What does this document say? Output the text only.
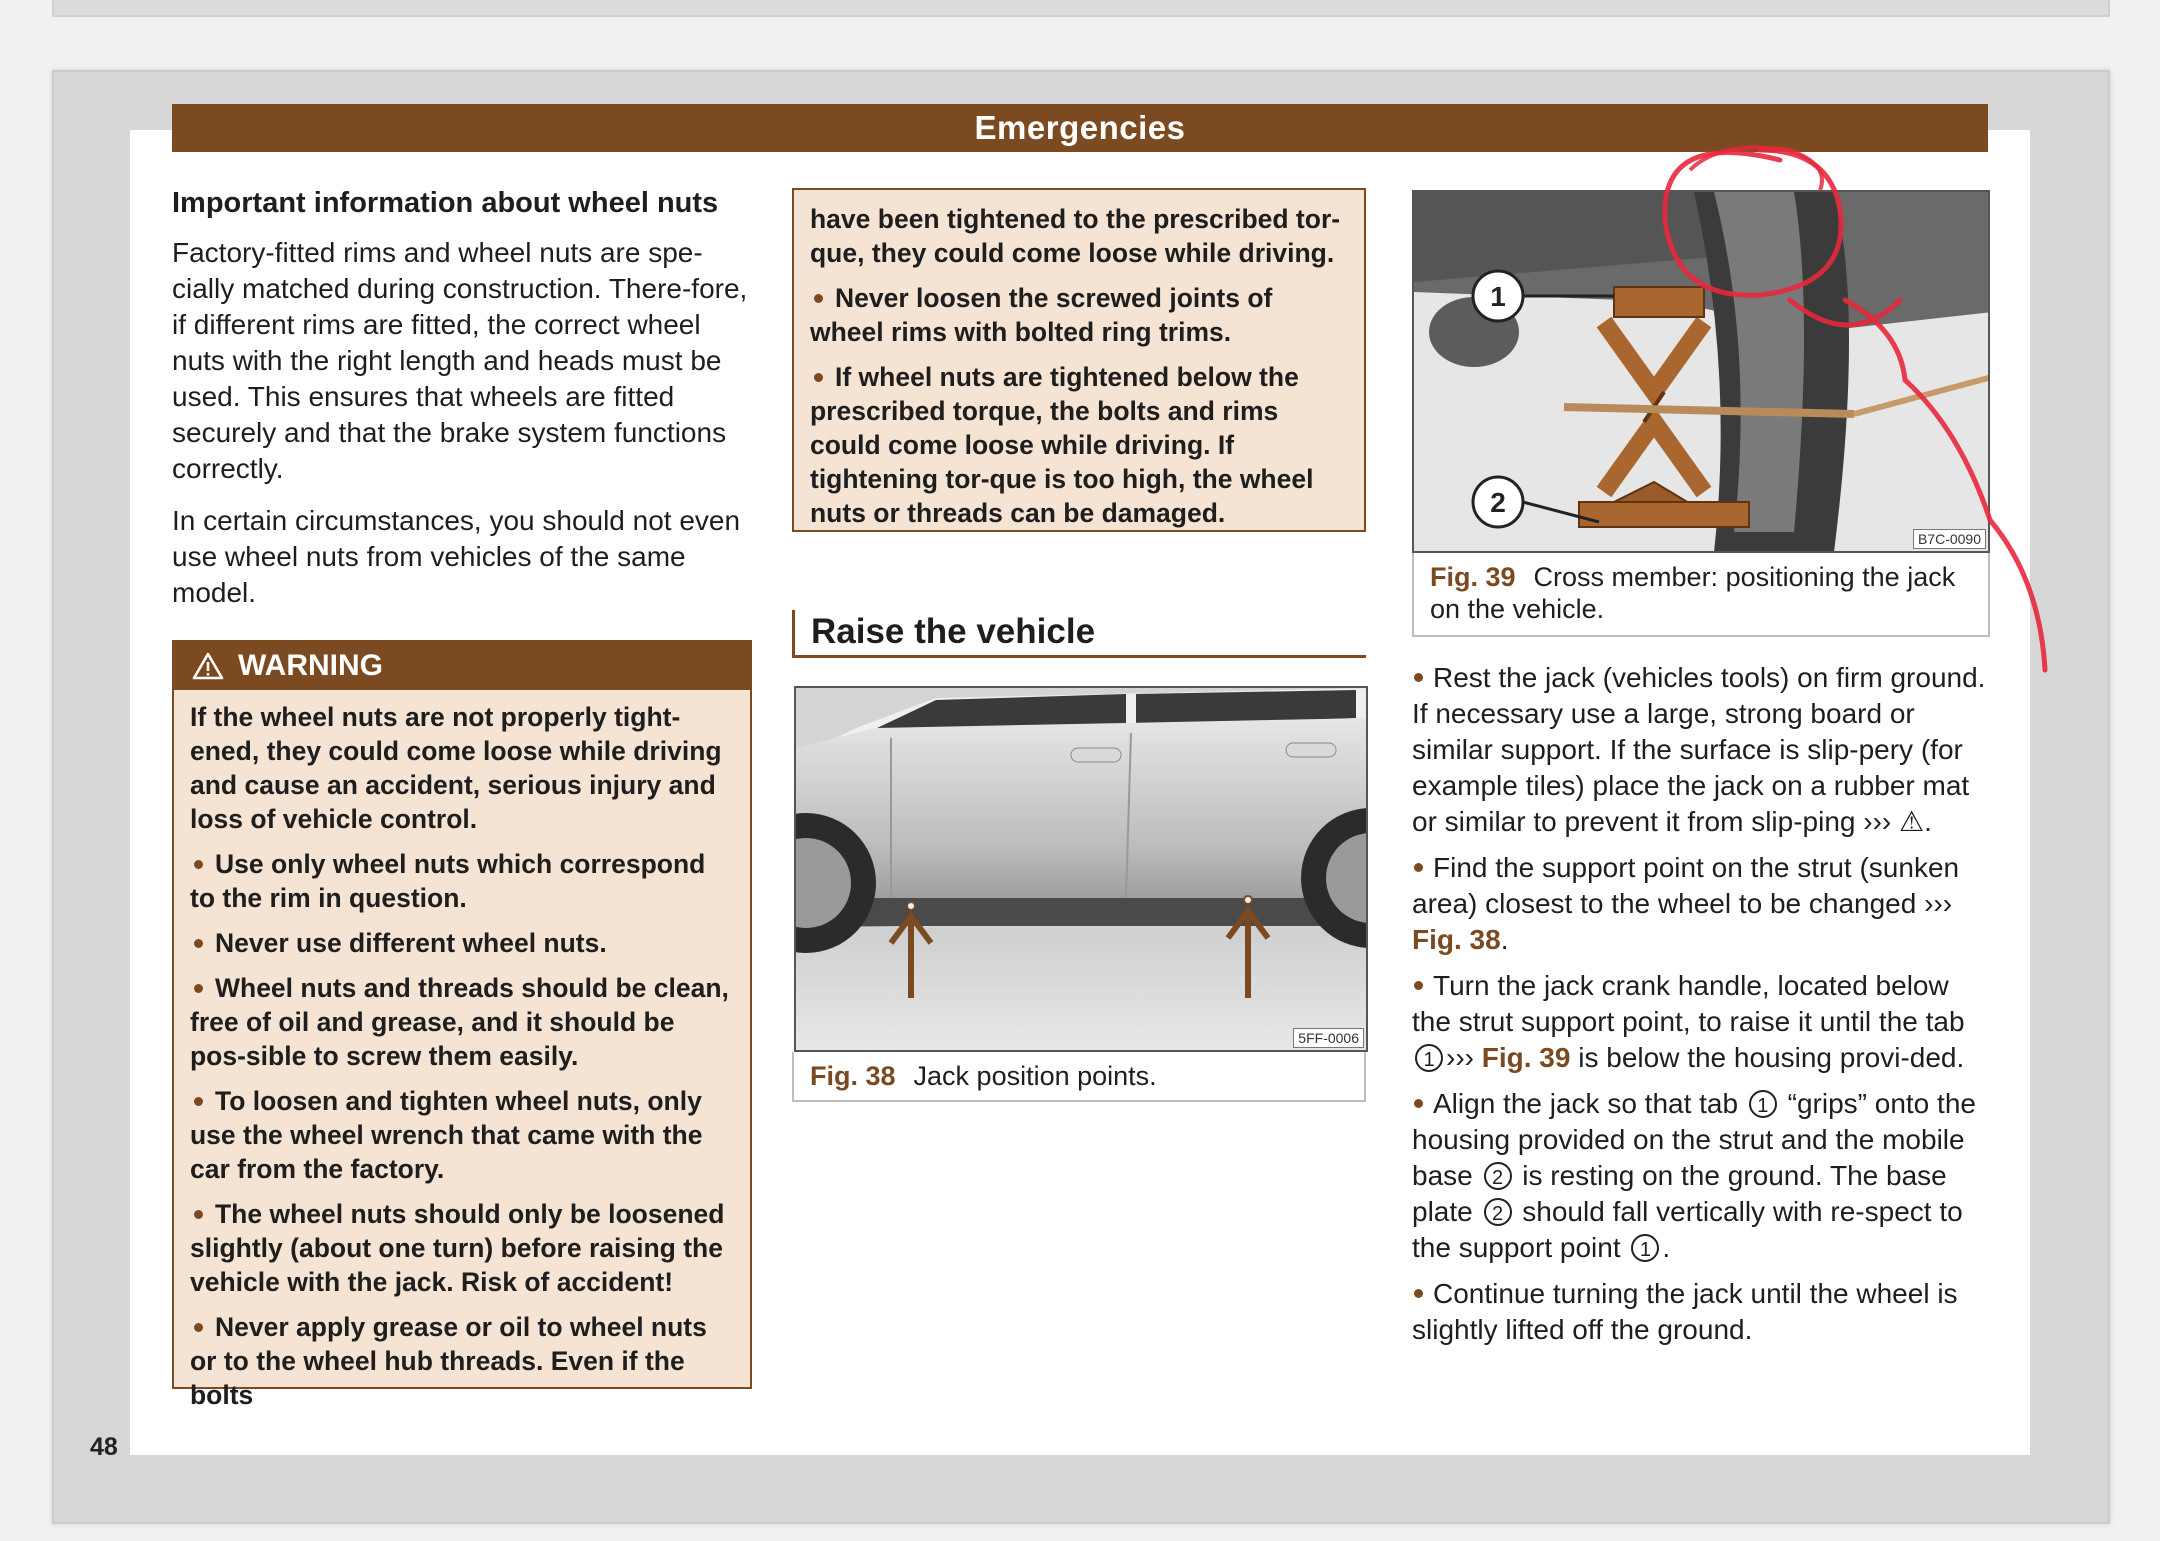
Emergencies
Important information about wheel nuts

Factory-fitted rims and wheel nuts are spe-cially matched during construction. There-fore, if different rims are fitted, the correct wheel nuts with the right length and heads must be used. This ensures that wheels are fitted securely and that the brake system functions correctly.

In certain circumstances, you should not even use wheel nuts from vehicles of the same model.

WARNING

If the wheel nuts are not properly tight-ened, they could come loose while driving and cause an accident, serious injury and loss of vehicle control.

Use only wheel nuts which correspond to the rim in question.

Never use different wheel nuts.

Wheel nuts and threads should be clean, free of oil and grease, and it should be pos-sible to screw them easily.

To loosen and tighten wheel nuts, only use the wheel wrench that came with the car from the factory.

The wheel nuts should only be loosened slightly (about one turn) before raising the vehicle with the jack. Risk of accident!

Never apply grease or oil to wheel nuts or to the wheel hub threads. Even if the bolts

have been tightened to the prescribed tor-que, they could come loose while driving.

Never loosen the screwed joints of wheel rims with bolted ring trims.

If wheel nuts are tightened below the prescribed torque, the bolts and rims could come loose while driving. If tightening tor-que is too high, the wheel nuts or threads can be damaged.

Raise the vehicle
5FF-0006
Fig. 38 Jack position points.
1
2
B7C-0090
Fig. 39 Cross member: positioning the jack on the vehicle.

Rest the jack (vehicles tools) on firm ground. If necessary use a large, strong board or similar support. If the surface is slip-pery (for example tiles) place the jack on a rubber mat or similar to prevent it from slip-ping ››› ⚠.

Find the support point on the strut (sunken area) closest to the wheel to be changed ››› Fig. 38.

Turn the jack crank handle, located below the strut support point, to raise it until the tab 1 ››› Fig. 39 is below the housing provi-ded.

Align the jack so that tab 1 “grips” onto the housing provided on the strut and the mobile base 2 is resting on the ground. The base plate 2 should fall vertically with re-spect to the support point 1 .

Continue turning the jack until the wheel is slightly lifted off the ground.

48
